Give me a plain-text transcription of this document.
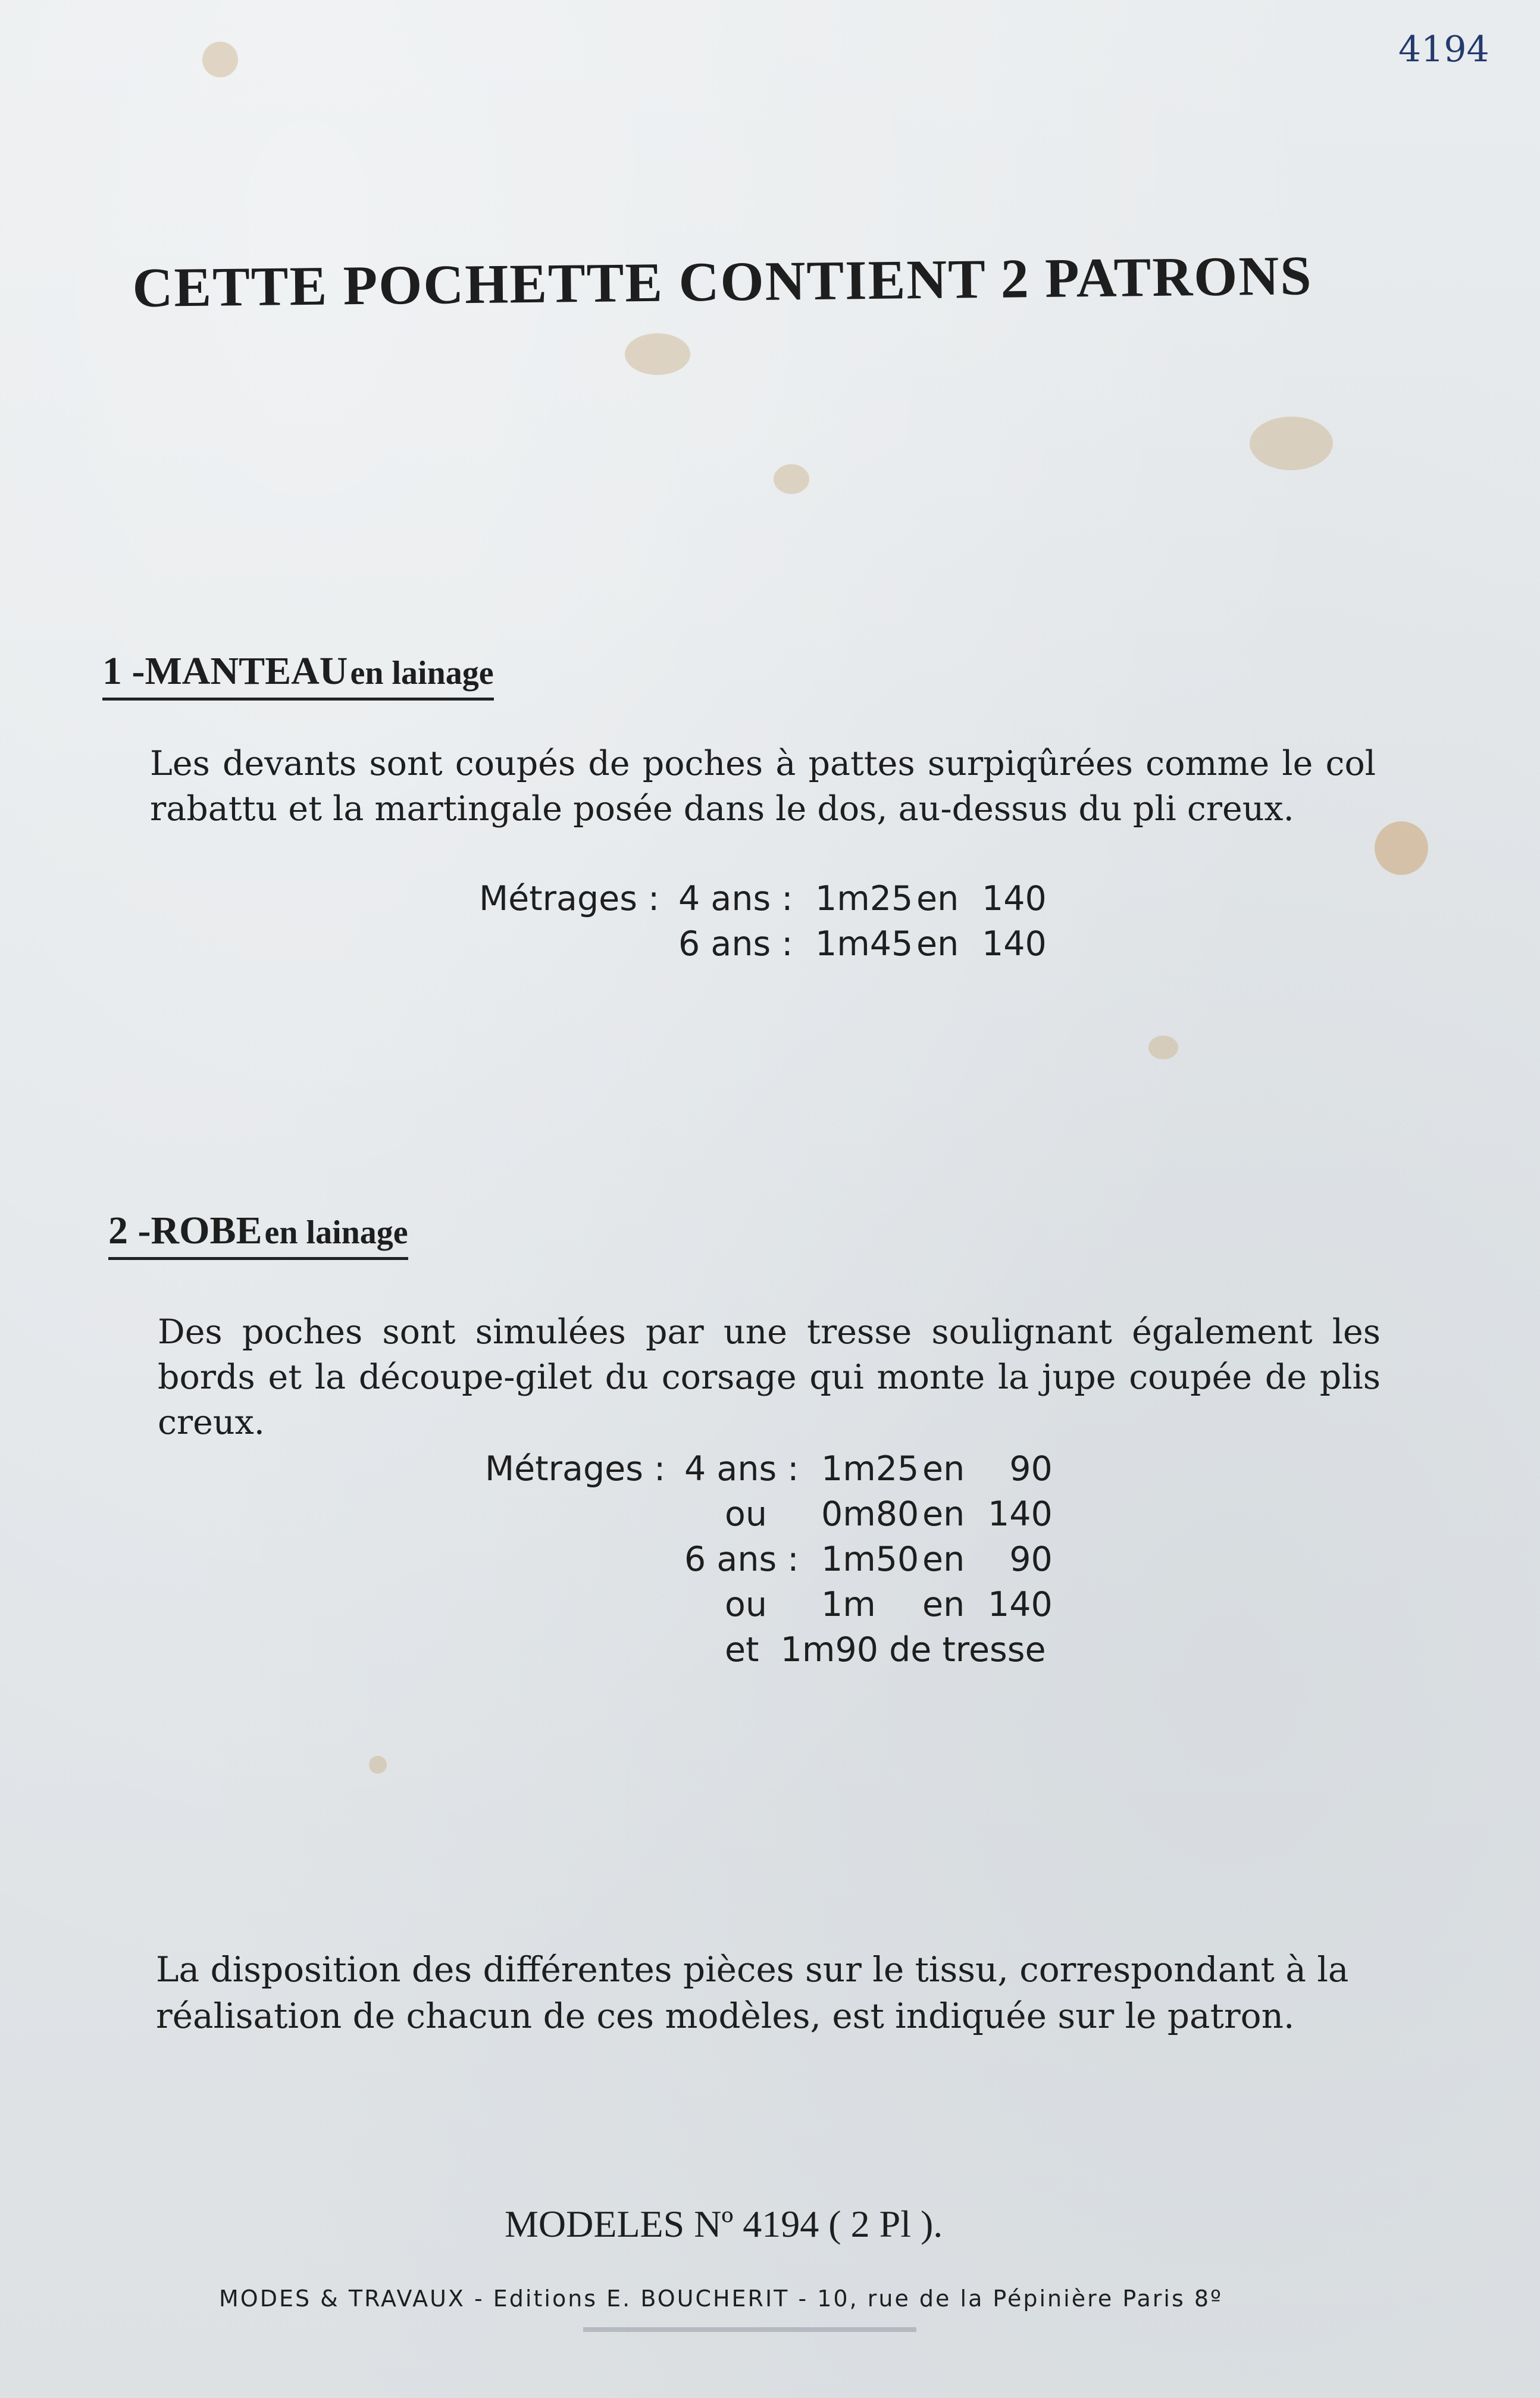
4194
CETTE POCHETTE CONTIENT 2 PATRONS
1 -MANTEAU en lainage
Les devants sont coupés de poches à pattes surpiqûrées comme le col rabattu et la martingale posée dans le dos, au-dessus du pli creux.
Métrages :	4 ans :	1m25	en	140
	6 ans :	1m45	en	140
2 -ROBE en lainage
Des poches sont simulées par une tresse soulignant également les bords et la découpe-gilet du corsage qui monte la jupe coupée de plis creux.
Métrages :	4 ans :	1m25	en	90
	ou	0m80	en	140
	6 ans :	1m50	en	90
	ou	1m	en	140
	et  1m90 de tresse			
La disposition des différentes pièces sur le tissu, correspondant à la réalisation de chacun de ces modèles, est indiquée sur le patron.
MODELES Nº 4194 ( 2 Pl ).
MODES & TRAVAUX - Editions E. BOUCHERIT - 10, rue de la Pépinière Paris 8º
